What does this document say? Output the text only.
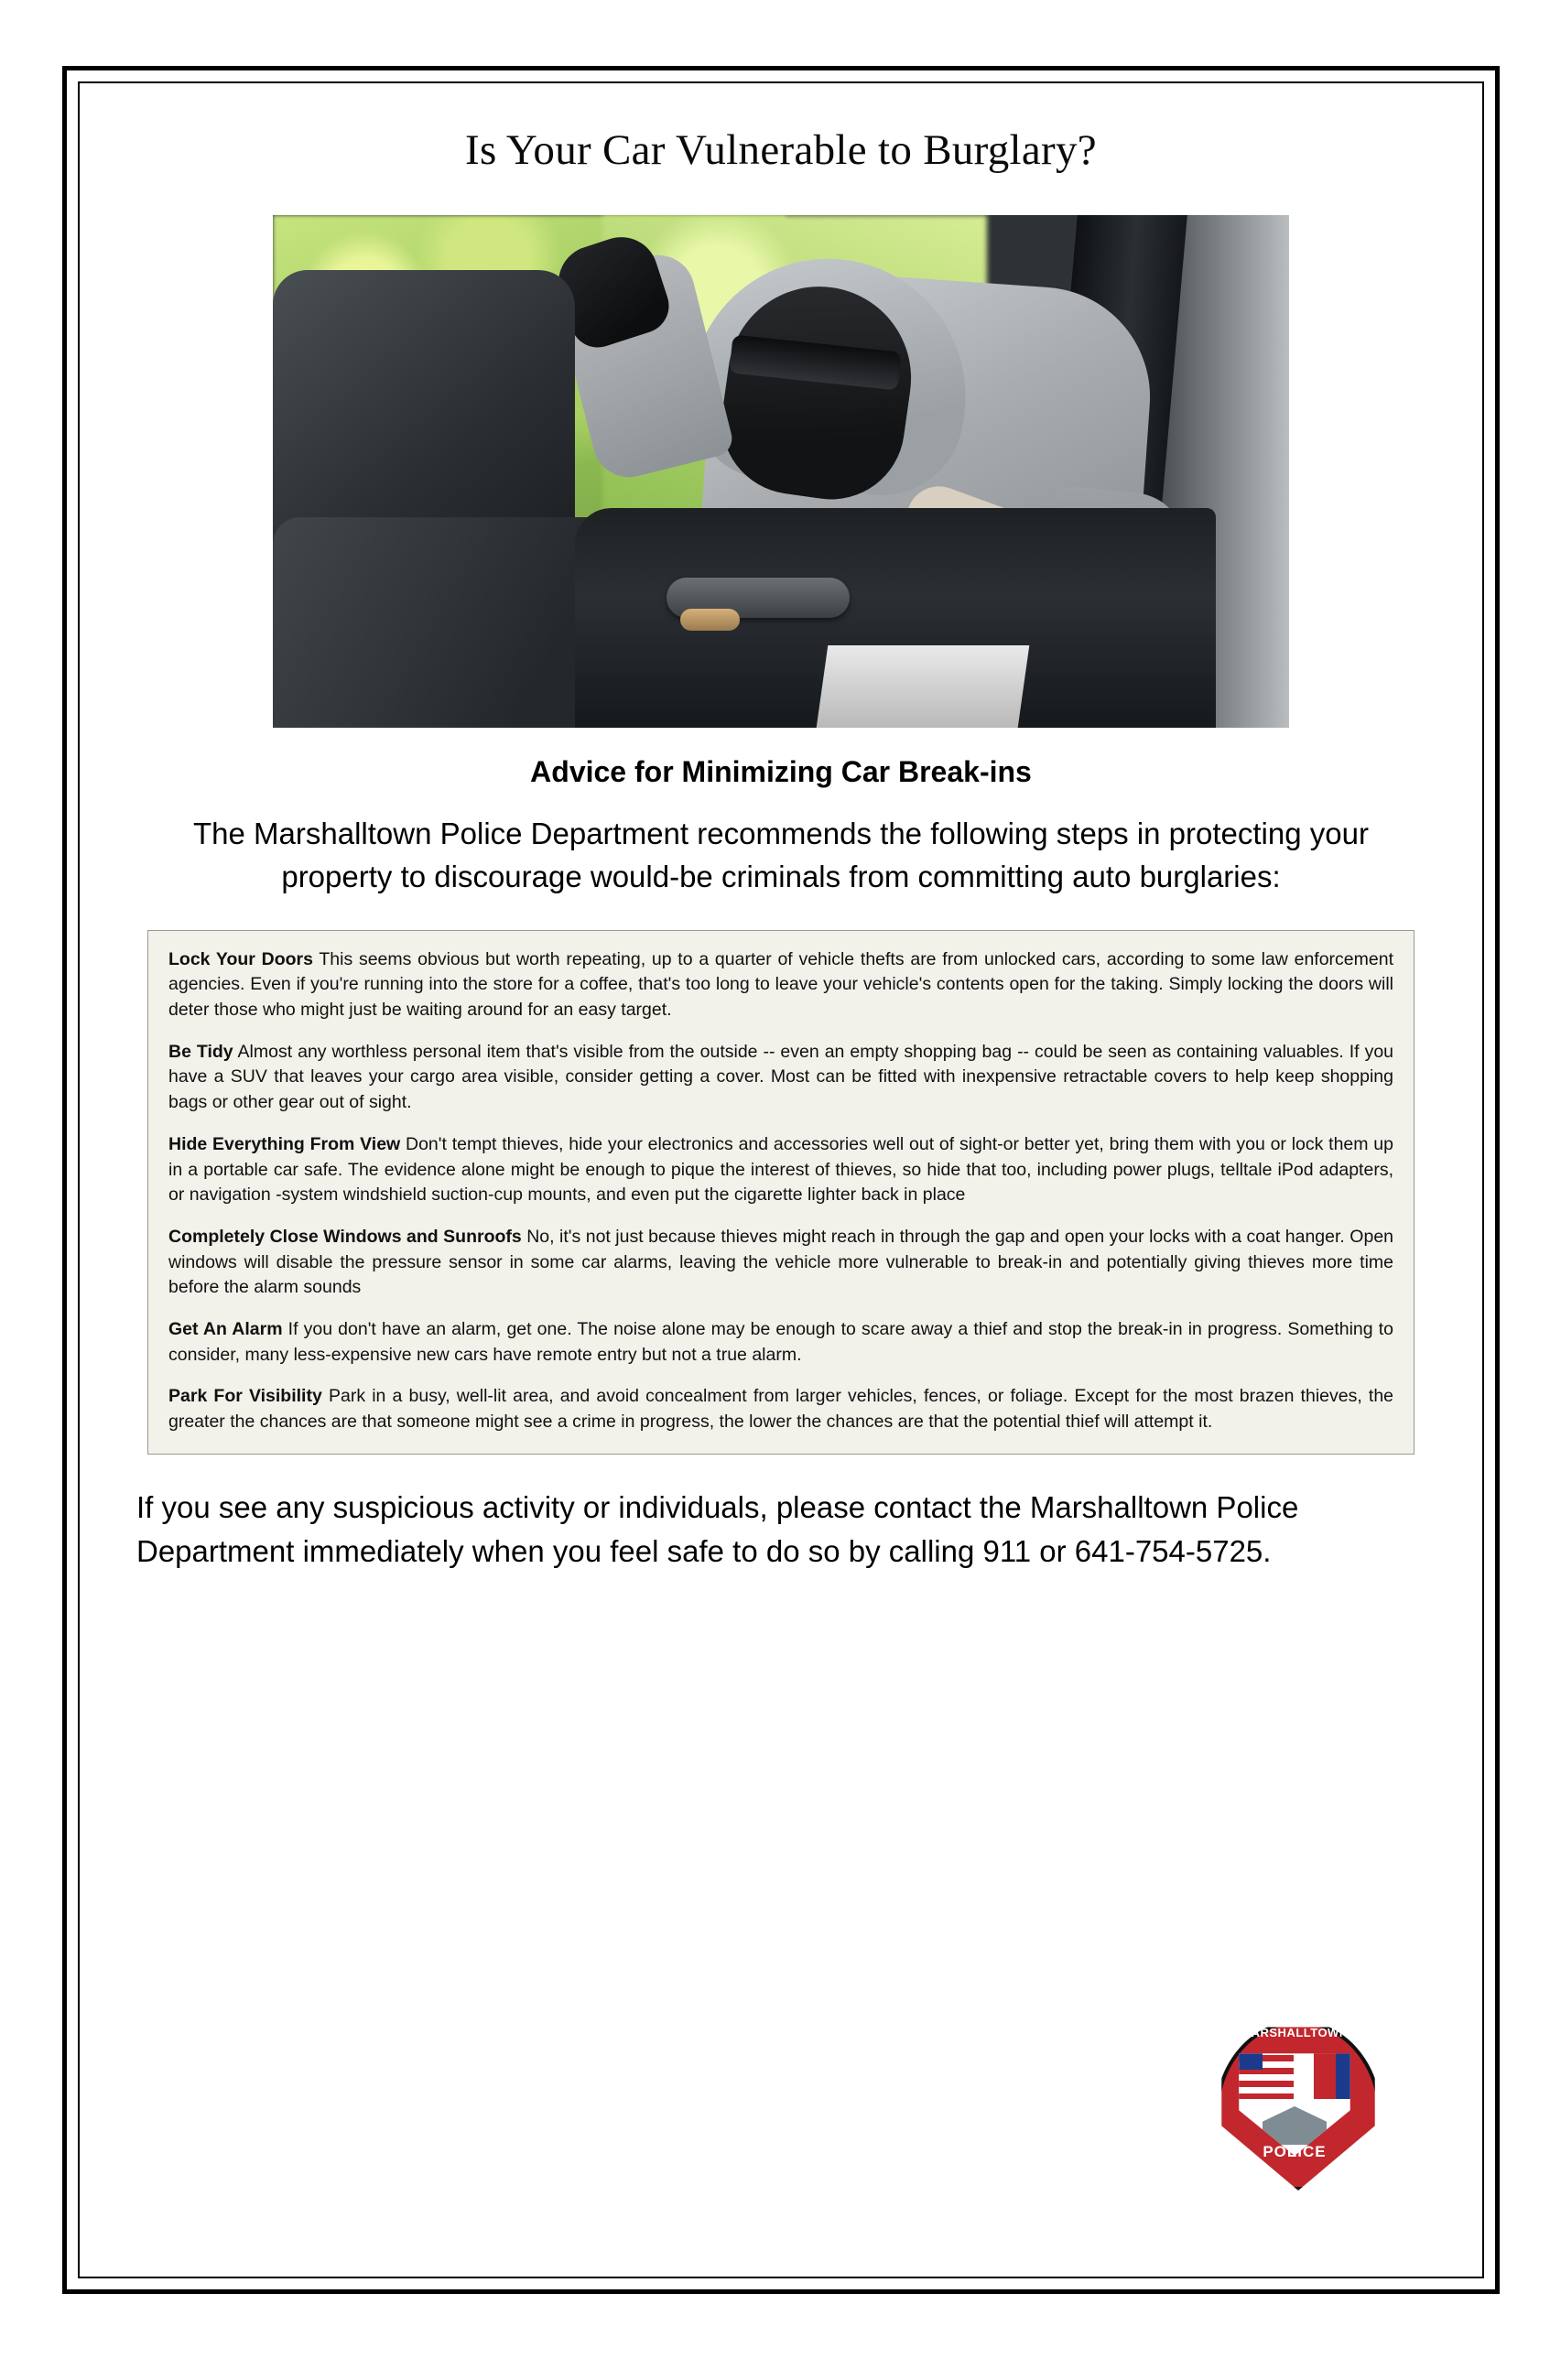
Is Your Car Vulnerable to Burglary?
Advice for Minimizing Car Break-ins

The Marshalltown Police Department recommends the following steps in protecting your property to discourage would-be criminals from committing auto burglaries:

Lock Your Doors This seems obvious but worth repeating, up to a quarter of vehicle thefts are from unlocked cars, according to some law enforcement agencies. Even if you're running into the store for a coffee, that's too long to leave your vehicle's contents open for the taking. Simply locking the doors will deter those who might just be waiting around for an easy target.

Be Tidy Almost any worthless personal item that's visible from the outside -- even an empty shopping bag -- could be seen as containing valuables. If you have a SUV that leaves your cargo area visible, consider getting a cover. Most can be fitted with inexpensive retractable covers to help keep shopping bags or other gear out of sight.

Hide Everything From View Don't tempt thieves, hide your electronics and accessories well out of sight-or better yet, bring them with you or lock them up in a portable car safe. The evidence alone might be enough to pique the interest of thieves, so hide that too, including power plugs, telltale iPod adapters, or navigation -system windshield suction-cup mounts, and even put the cigarette lighter back in place

Completely Close Windows and Sunroofs No, it's not just because thieves might reach in through the gap and open your locks with a coat hanger. Open windows will disable the pressure sensor in some car alarms, leaving the vehicle more vulnerable to break-in and potentially giving thieves more time before the alarm sounds

Get An Alarm If you don't have an alarm, get one. The noise alone may be enough to scare away a thief and stop the break-in in progress. Something to consider, many less-expensive new cars have remote entry but not a true alarm.

Park For Visibility Park in a busy, well-lit area, and avoid concealment from larger vehicles, fences, or foliage. Except for the most brazen thieves, the greater the chances are that someone might see a crime in progress, the lower the chances are that the potential thief will attempt it.

If you see any suspicious activity or individuals, please contact the Marshalltown Police Department immediately when you feel safe to do so by calling 911 or 641-754-5725.

MARSHALLTOWN
POLICE
